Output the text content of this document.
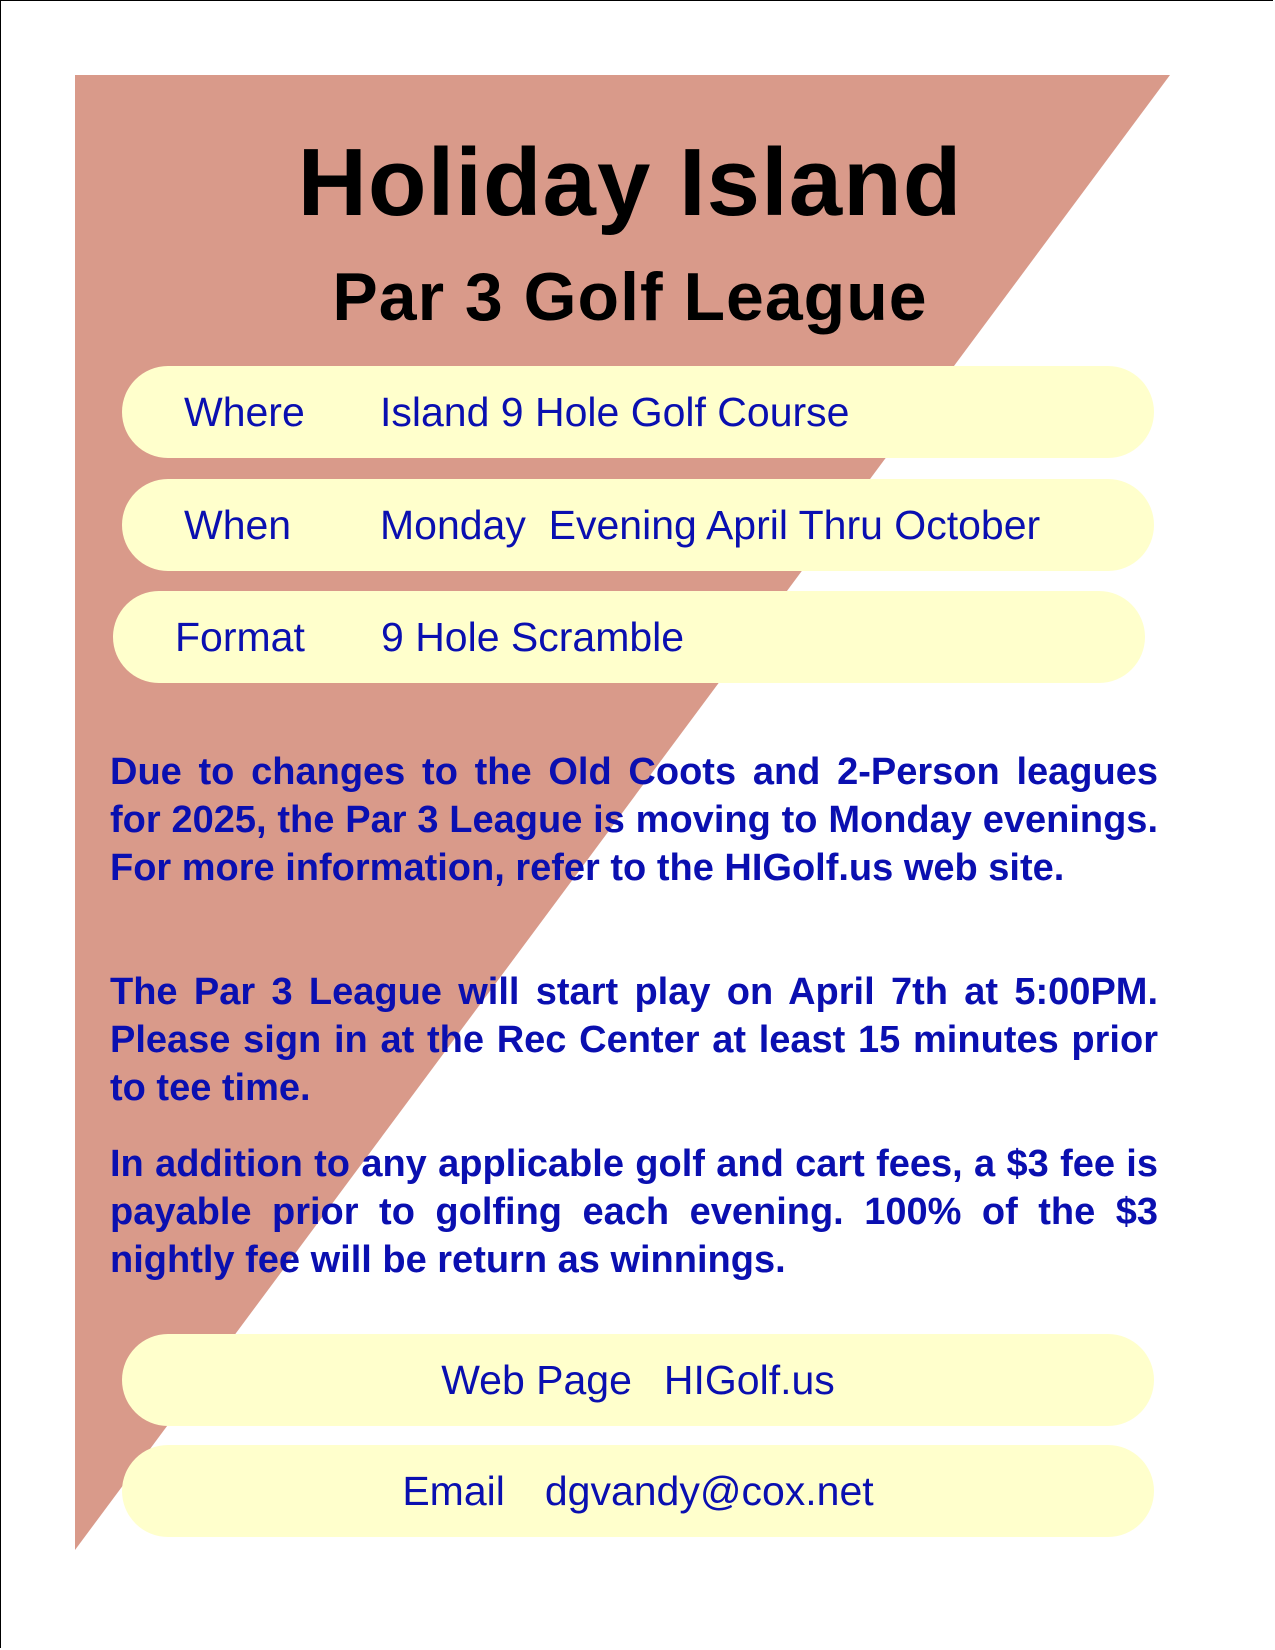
Holiday Island
Par 3 Golf League
Where Island 9 Hole Golf Course
When Monday  Evening April Thru October
Format 9 Hole Scramble

Due to changes to the Old Coots and 2-Person leagues for 2025, the Par 3 League is moving to Monday evenings. For more information, refer to the HIGolf.us web site.

The Par 3 League will start play on April 7th at 5:00PM. Please sign in at the Rec Center at least 15 minutes prior to tee time.

In addition to any applicable golf and cart fees, a $3 fee is payable prior to golfing each evening. 100% of the $3 nightly fee will be return as winnings.

Web Page HIGolf.us
Email dgvandy@cox.net
